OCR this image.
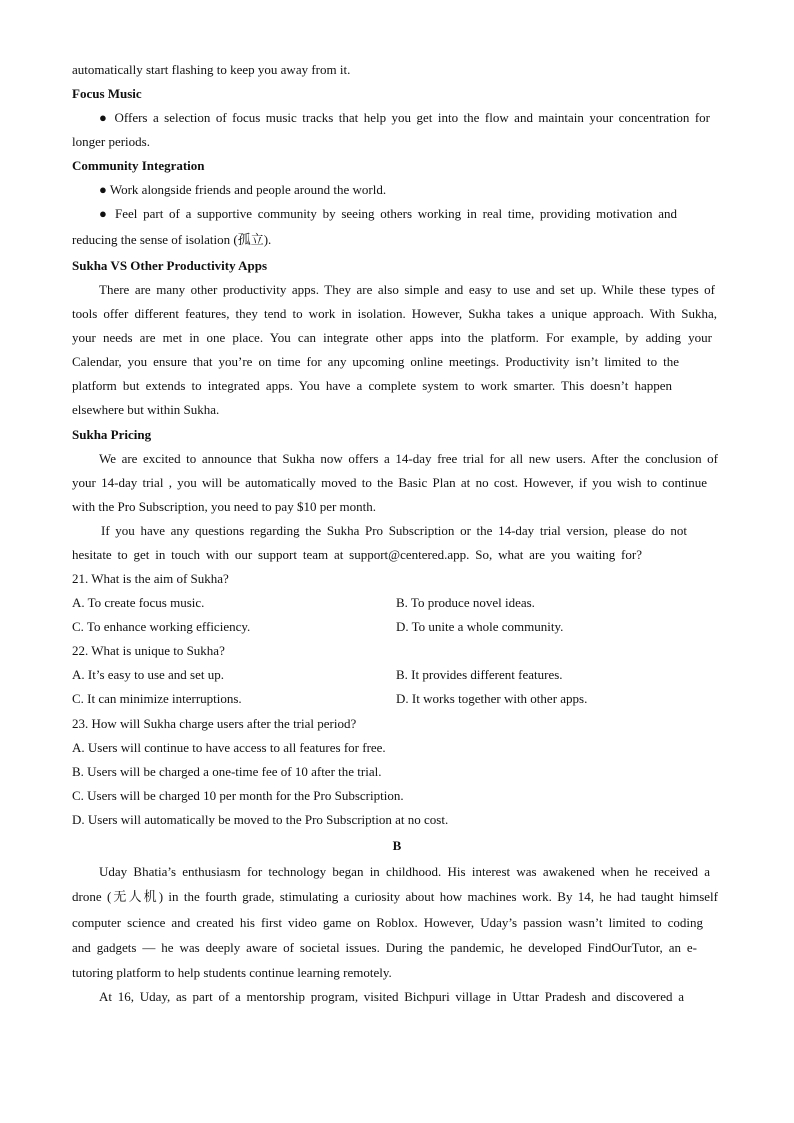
automatically start flashing to keep you away from it.
Focus Music
● Offers a selection of focus music tracks that help you get into the flow and maintain your concentration for
longer periods.
Community Integration
● Work alongside friends and people around the world.
● Feel part of a supportive community by seeing others working in real time, providing motivation and
reducing the sense of isolation (孤立).
Sukha VS Other Productivity Apps
There are many other productivity apps. They are also simple and easy to use and set up. While these types of
tools offer different features, they tend to work in isolation. However, Sukha takes a unique approach. With Sukha,
your needs are met in one place. You can integrate other apps into the platform. For example, by adding your
Calendar, you ensure that you’re on time for any upcoming online meetings. Productivity isn’t limited to the
platform but extends to integrated apps. You have a complete system to work smarter. This doesn’t happen
elsewhere but within Sukha.
Sukha Pricing
We are excited to announce that Sukha now offers a 14-day free trial for all new users. After the conclusion of
your 14-day trial , you will be automatically moved to the Basic Plan at no cost. However, if you wish to continue
with the Pro Subscription, you need to pay $10 per month.
If you have any questions regarding the Sukha Pro Subscription or the 14-day trial version, please do not
hesitate to get in touch with our support team at support@centered.app. So, what are you waiting for?
21. What is the aim of Sukha?
A. To create focus music.	B. To produce novel ideas.
C. To enhance working efficiency.	D. To unite a whole community.
22. What is unique to Sukha?
A. It’s easy to use and set up.	B. It provides different features.
C. It can minimize interruptions.	D. It works together with other apps.
23. How will Sukha charge users after the trial period?
A. Users will continue to have access to all features for free.
B. Users will be charged a one-time fee of 10 after the trial.
C. Users will be charged 10 per month for the Pro Subscription.
D. Users will automatically be moved to the Pro Subscription at no cost.
B
Uday Bhatia’s enthusiasm for technology began in childhood. His interest was awakened when he received a
drone (无人机) in the fourth grade, stimulating a curiosity about how machines work. By 14, he had taught himself
computer science and created his first video game on Roblox. However, Uday’s passion wasn’t limited to coding
and gadgets — he was deeply aware of societal issues. During the pandemic, he developed FindOurTutor, an e-
tutoring platform to help students continue learning remotely.
At 16, Uday, as part of a mentorship program, visited Bichpuri village in Uttar Pradesh and discovered a
